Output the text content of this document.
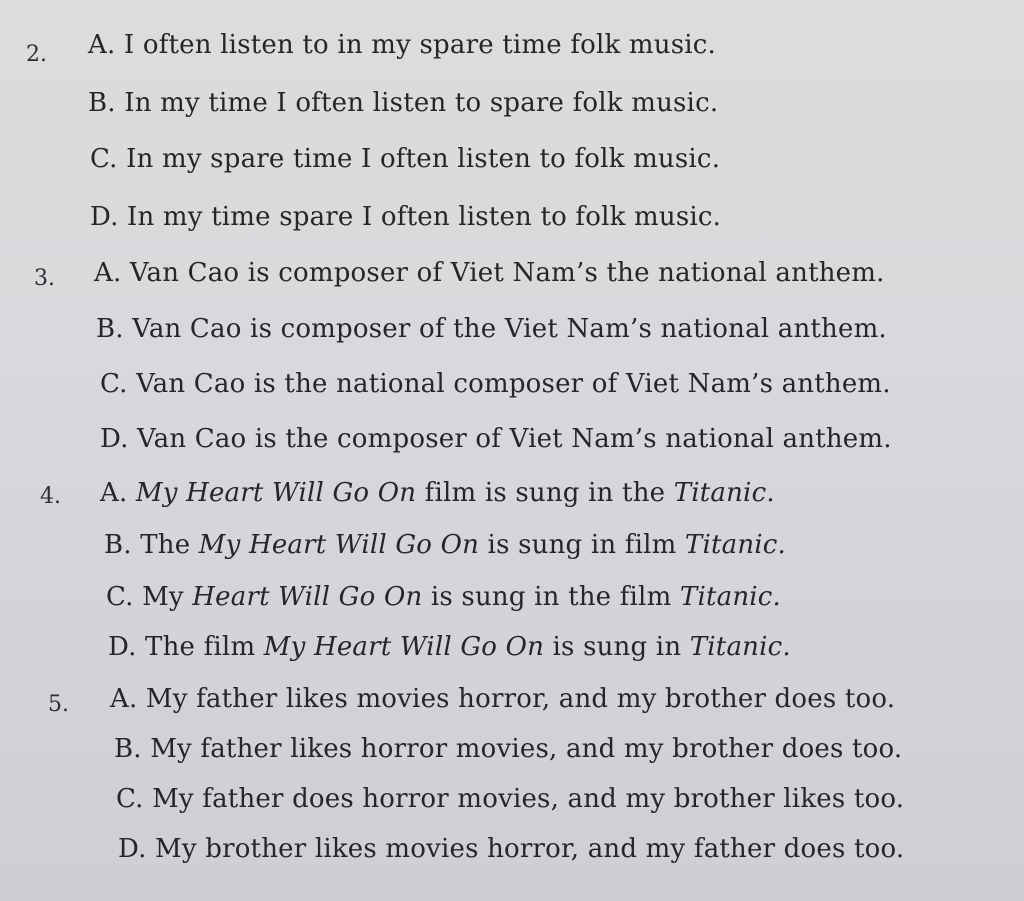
2. A. I often listen to in my spare time folk music.
B. In my time I often listen to spare folk music.
C. In my spare time I often listen to folk music.
D. In my time spare I often listen to folk music.
3. A. Van Cao is composer of Viet Nam’s the national anthem.
B. Van Cao is composer of the Viet Nam’s national anthem.
C. Van Cao is the national composer of Viet Nam’s anthem.
D. Van Cao is the composer of Viet Nam’s national anthem.
4. A. My Heart Will Go On film is sung in the Titanic.
B. The My Heart Will Go On is sung in film Titanic.
C. My Heart Will Go On is sung in the film Titanic.
D. The film My Heart Will Go On is sung in Titanic.
5. A. My father likes movies horror, and my brother does too.
B. My father likes horror movies, and my brother does too.
C. My father does horror movies, and my brother likes too.
D. My brother likes movies horror, and my father does too.
